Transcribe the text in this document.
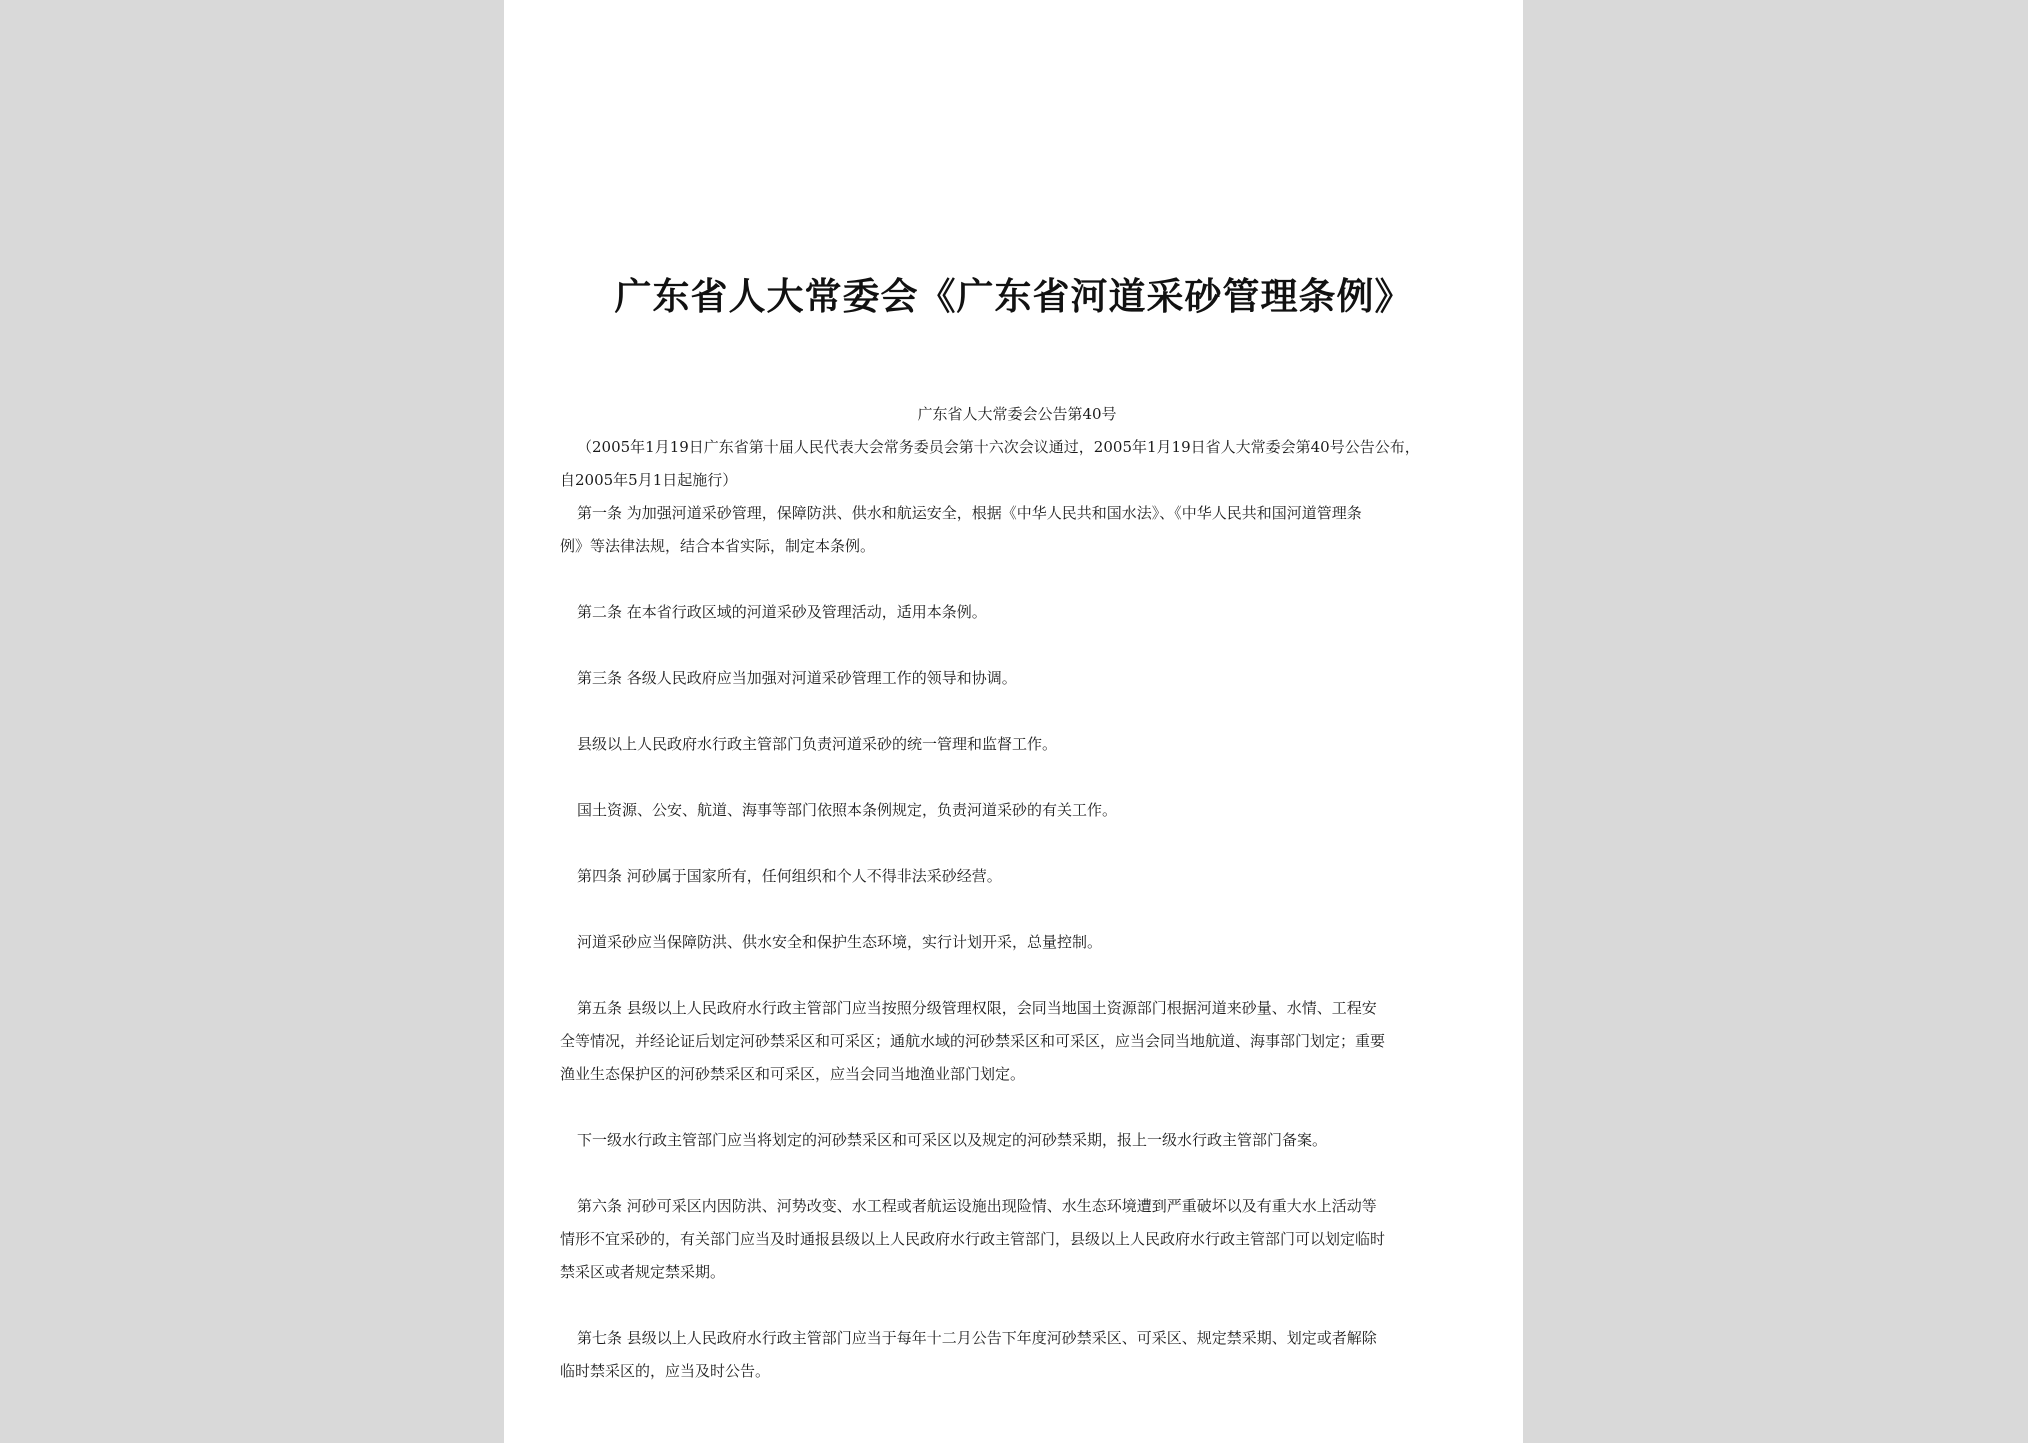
广东省人大常委会《广东省河道采砂管理条例》
广东省人大常委会公告第40号
（2005年1月19日广东省第十届人民代表大会常务委员会第十六次会议通过，2005年1月19日省人大常委会第40号公告公布，
自2005年5月1日起施行）
第一条 为加强河道采砂管理，保障防洪、供水和航运安全，根据《中华人民共和国水法》、《中华人民共和国河道管理条
例》等法律法规，结合本省实际，制定本条例。
第二条 在本省行政区域的河道采砂及管理活动，适用本条例。
第三条 各级人民政府应当加强对河道采砂管理工作的领导和协调。
县级以上人民政府水行政主管部门负责河道采砂的统一管理和监督工作。
国土资源、公安、航道、海事等部门依照本条例规定，负责河道采砂的有关工作。
第四条 河砂属于国家所有，任何组织和个人不得非法采砂经营。
河道采砂应当保障防洪、供水安全和保护生态环境，实行计划开采，总量控制。
第五条 县级以上人民政府水行政主管部门应当按照分级管理权限，会同当地国土资源部门根据河道来砂量、水情、工程安
全等情况，并经论证后划定河砂禁采区和可采区；通航水域的河砂禁采区和可采区，应当会同当地航道、海事部门划定；重要
渔业生态保护区的河砂禁采区和可采区，应当会同当地渔业部门划定。
下一级水行政主管部门应当将划定的河砂禁采区和可采区以及规定的河砂禁采期，报上一级水行政主管部门备案。
第六条 河砂可采区内因防洪、河势改变、水工程或者航运设施出现险情、水生态环境遭到严重破坏以及有重大水上活动等
情形不宜采砂的，有关部门应当及时通报县级以上人民政府水行政主管部门，县级以上人民政府水行政主管部门可以划定临时
禁采区或者规定禁采期。
第七条 县级以上人民政府水行政主管部门应当于每年十二月公告下年度河砂禁采区、可采区、规定禁采期、划定或者解除
临时禁采区的，应当及时公告。
